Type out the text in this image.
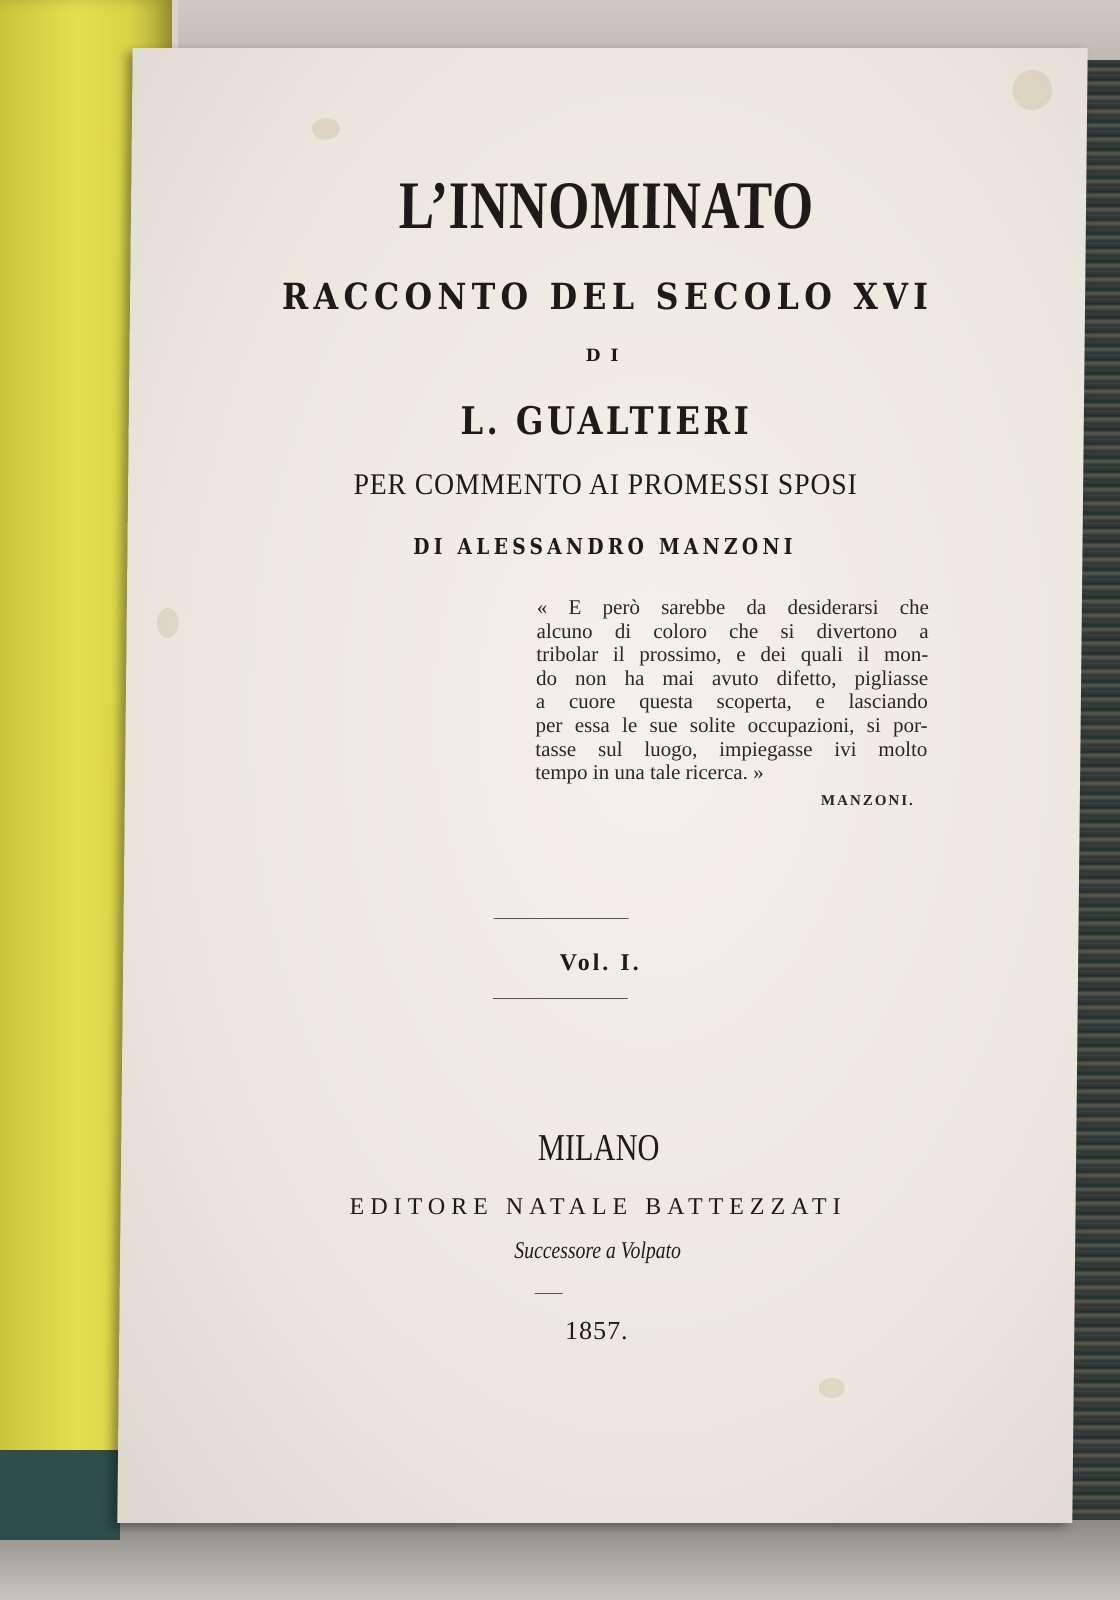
L’INNOMINATO
RACCONTO DEL SECOLO XVI
DI
L. GUALTIERI
PER COMMENTO AI PROMESSI SPOSI
DI ALESSANDRO MANZONI
« E però sarebbe da desiderarsi che
alcuno di coloro che si divertono a
tribolar il prossimo, e dei quali il mon-
do non ha mai avuto difetto, pigliasse
a cuore questa scoperta, e lasciando
per essa le sue solite occupazioni, si por-
tasse sul luogo, impiegasse ivi molto
tempo in una tale ricerca. »
MANZONI.
Vol. I.
MILANO
EDITORE NATALE BATTEZZATI
Successore a Volpato
1857.
